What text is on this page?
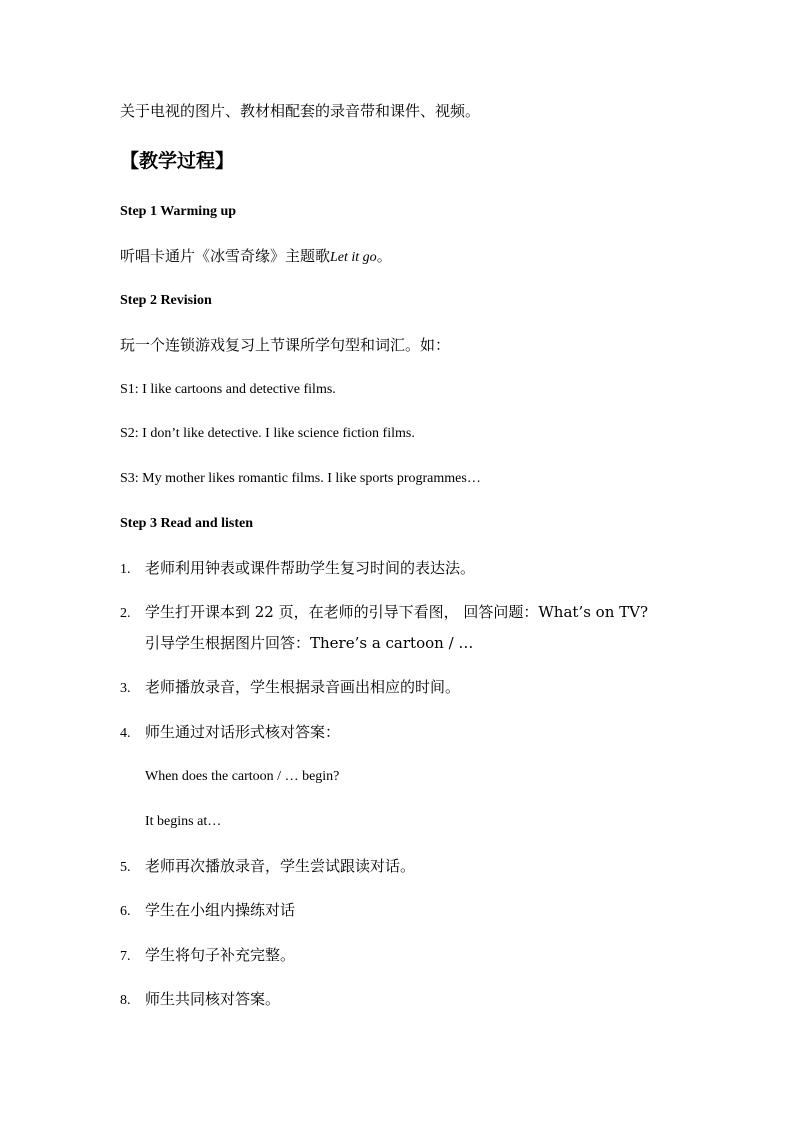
关于电视的图片、教材相配套的录音带和课件、视频。
【教学过程】
Step 1 Warming up
听唱卡通片《冰雪奇缘》主题歌Let it go。
Step 2 Revision
玩一个连锁游戏复习上节课所学句型和词汇。如：
S1: I like cartoons and detective films.
S2: I don’t like detective. I like science fiction films.
S3: My mother likes romantic films. I like sports programmes…
Step 3 Read and listen
1. 老师利用钟表或课件帮助学生复习时间的表达法。
2. 学生打开课本到 22 页，在老师的引导下看图， 回答问题：What’s on TV?
引导学生根据图片回答：There’s a cartoon / …
3. 老师播放录音，学生根据录音画出相应的时间。
4. 师生通过对话形式核对答案：
When does the cartoon / … begin?
It begins at…
5. 老师再次播放录音，学生尝试跟读对话。
6. 学生在小组内操练对话
7. 学生将句子补充完整。
8. 师生共同核对答案。
